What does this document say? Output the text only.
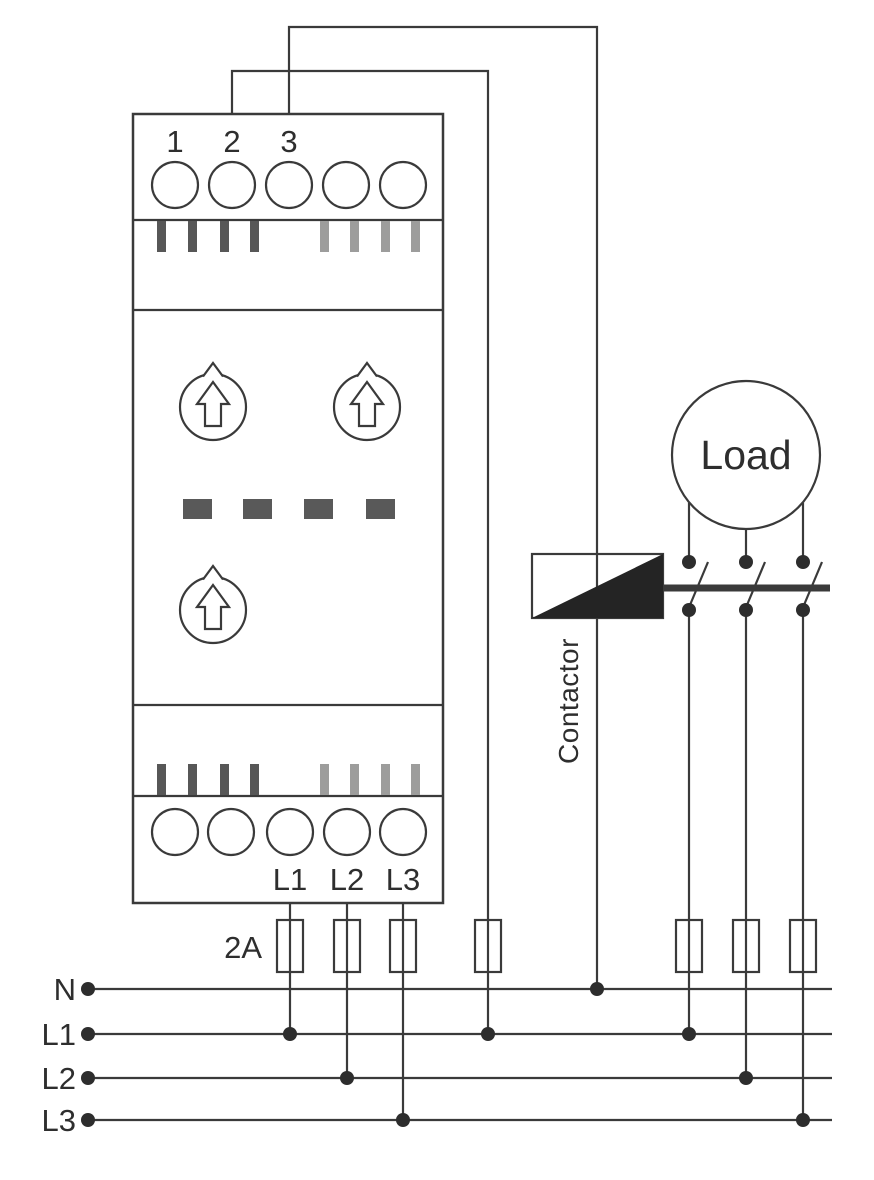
Load
Contactor
1 2 3
L1 L2 L3
2A
N
L1
L2
L3
